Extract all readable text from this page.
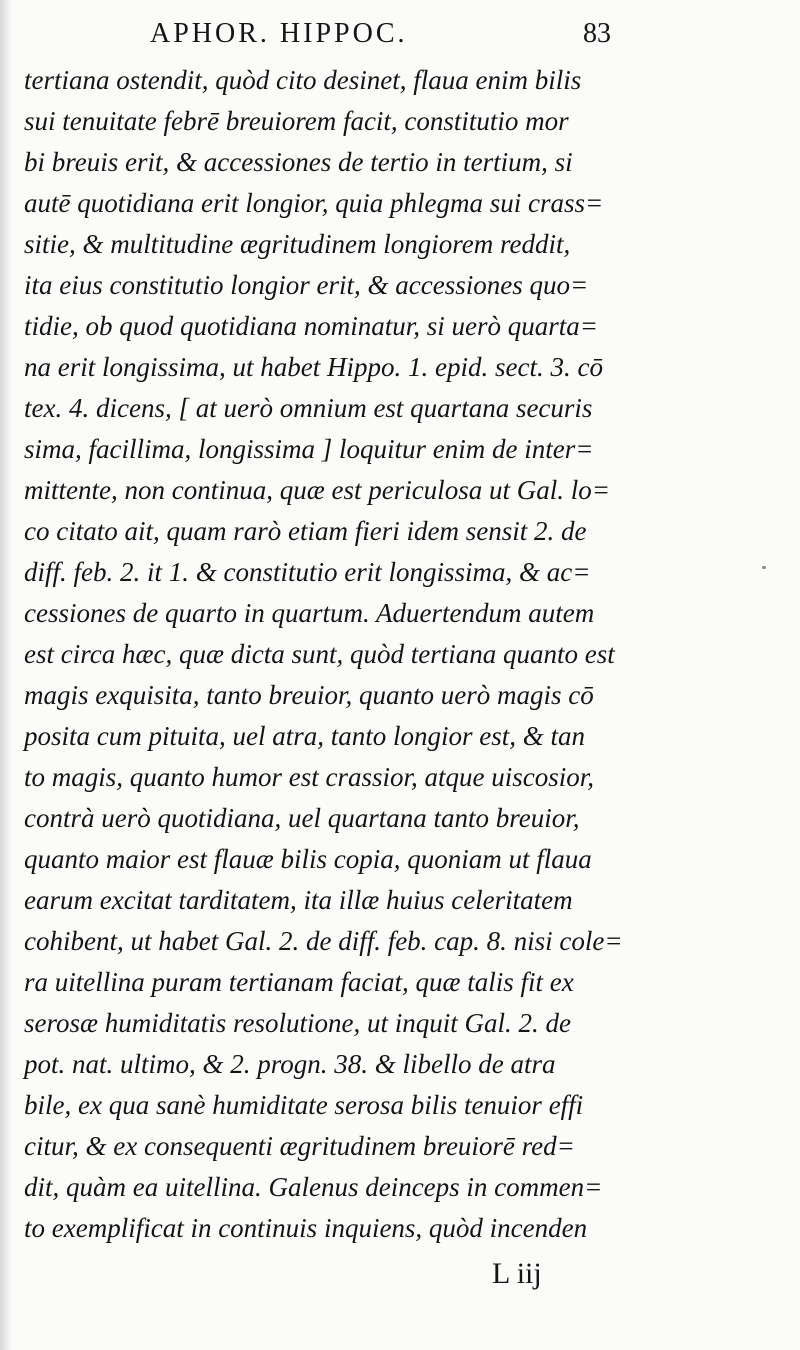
APHOR. HIPPOC.	83
tertiana ostendit, quòd cito desinet, flaua enim bilis
sui tenuitate febrē breuiorem facit, constitutio mor
bi breuis erit, & accessiones de tertio in tertium, si
autē quotidiana erit longior, quia phlegma sui crass=
sitie, & multitudine ægritudinem longiorem reddit,
ita eius constitutio longior erit, & accessiones quo=
tidie, ob quod quotidiana nominatur, si uerò quarta=
na erit longissima, ut habet Hippo. 1. epid. sect. 3. cō
tex. 4. dicens, [ at uerò omnium est quartana securis
sima, facillima, longissima ] loquitur enim de inter=
mittente, non continua, quæ est periculosa ut Gal. lo=
co citato ait, quam rarò etiam fieri idem sensit 2. de
diff. feb. 2. it 1. & constitutio erit longissima, & ac=
cessiones de quarto in quartum. Aduertendum autem
est circa hæc, quæ dicta sunt, quòd tertiana quanto est
magis exquisita, tanto breuior, quanto uerò magis cō
posita cum pituita, uel atra, tanto longior est, & tan
to magis, quanto humor est crassior, atque uiscosior,
contrà uerò quotidiana, uel quartana tanto breuior,
quanto maior est flauæ bilis copia, quoniam ut flaua
earum excitat tarditatem, ita illæ huius celeritatem
cohibent, ut habet Gal. 2. de diff. feb. cap. 8. nisi cole=
ra uitellina puram tertianam faciat, quæ talis fit ex
serosæ humiditatis resolutione, ut inquit Gal. 2. de
pot. nat. ultimo, & 2. progn. 38. & libello de atra
bile, ex qua sanè humiditate serosa bilis tenuior effi
citur, & ex consequenti ægritudinem breuiorē red=
dit, quàm ea uitellina. Galenus deinceps in commen=
to exemplificat in continuis inquiens, quòd incenden
L iij
